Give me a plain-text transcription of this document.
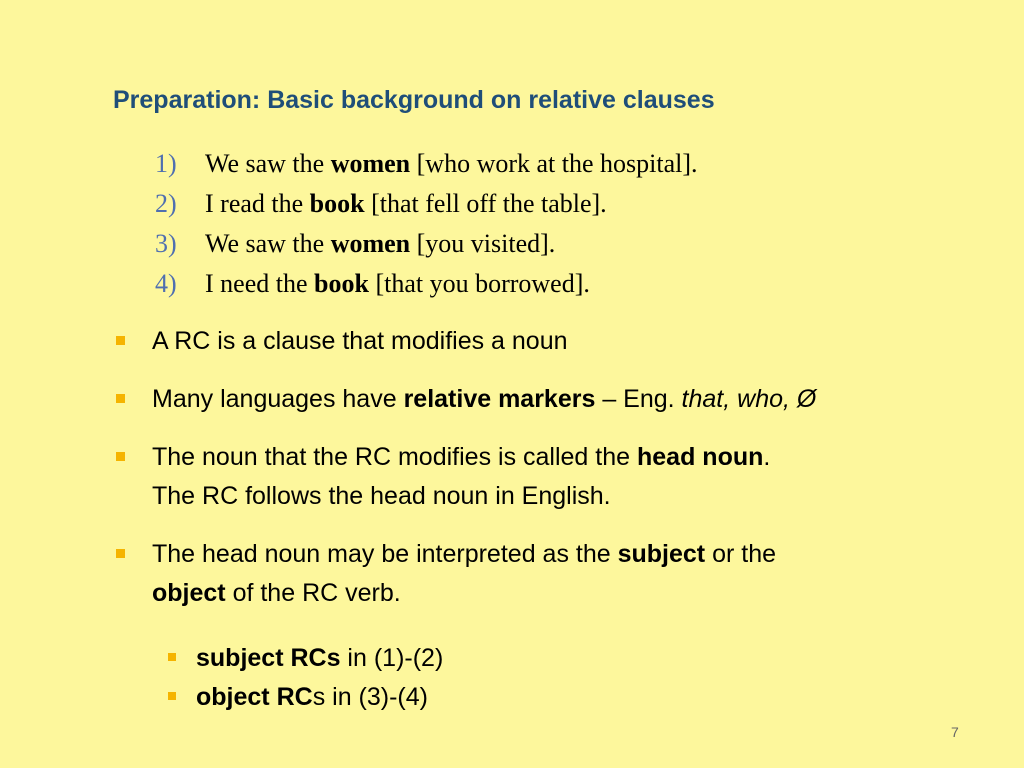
Preparation: Basic background on relative clauses
1) We saw the women [who work at the hospital].
2) I read the book [that fell off the table].
3) We saw the women [you visited].
4) I need the book [that you borrowed].
A RC is a clause that modifies a noun
Many languages have relative markers – Eng. that, who, Ø
The noun that the RC modifies is called the head noun.
The RC follows the head noun in English.
The head noun may be interpreted as the subject or the
object of the RC verb.
subject RCs in (1)-(2)
object RCs in (3)-(4)
7
